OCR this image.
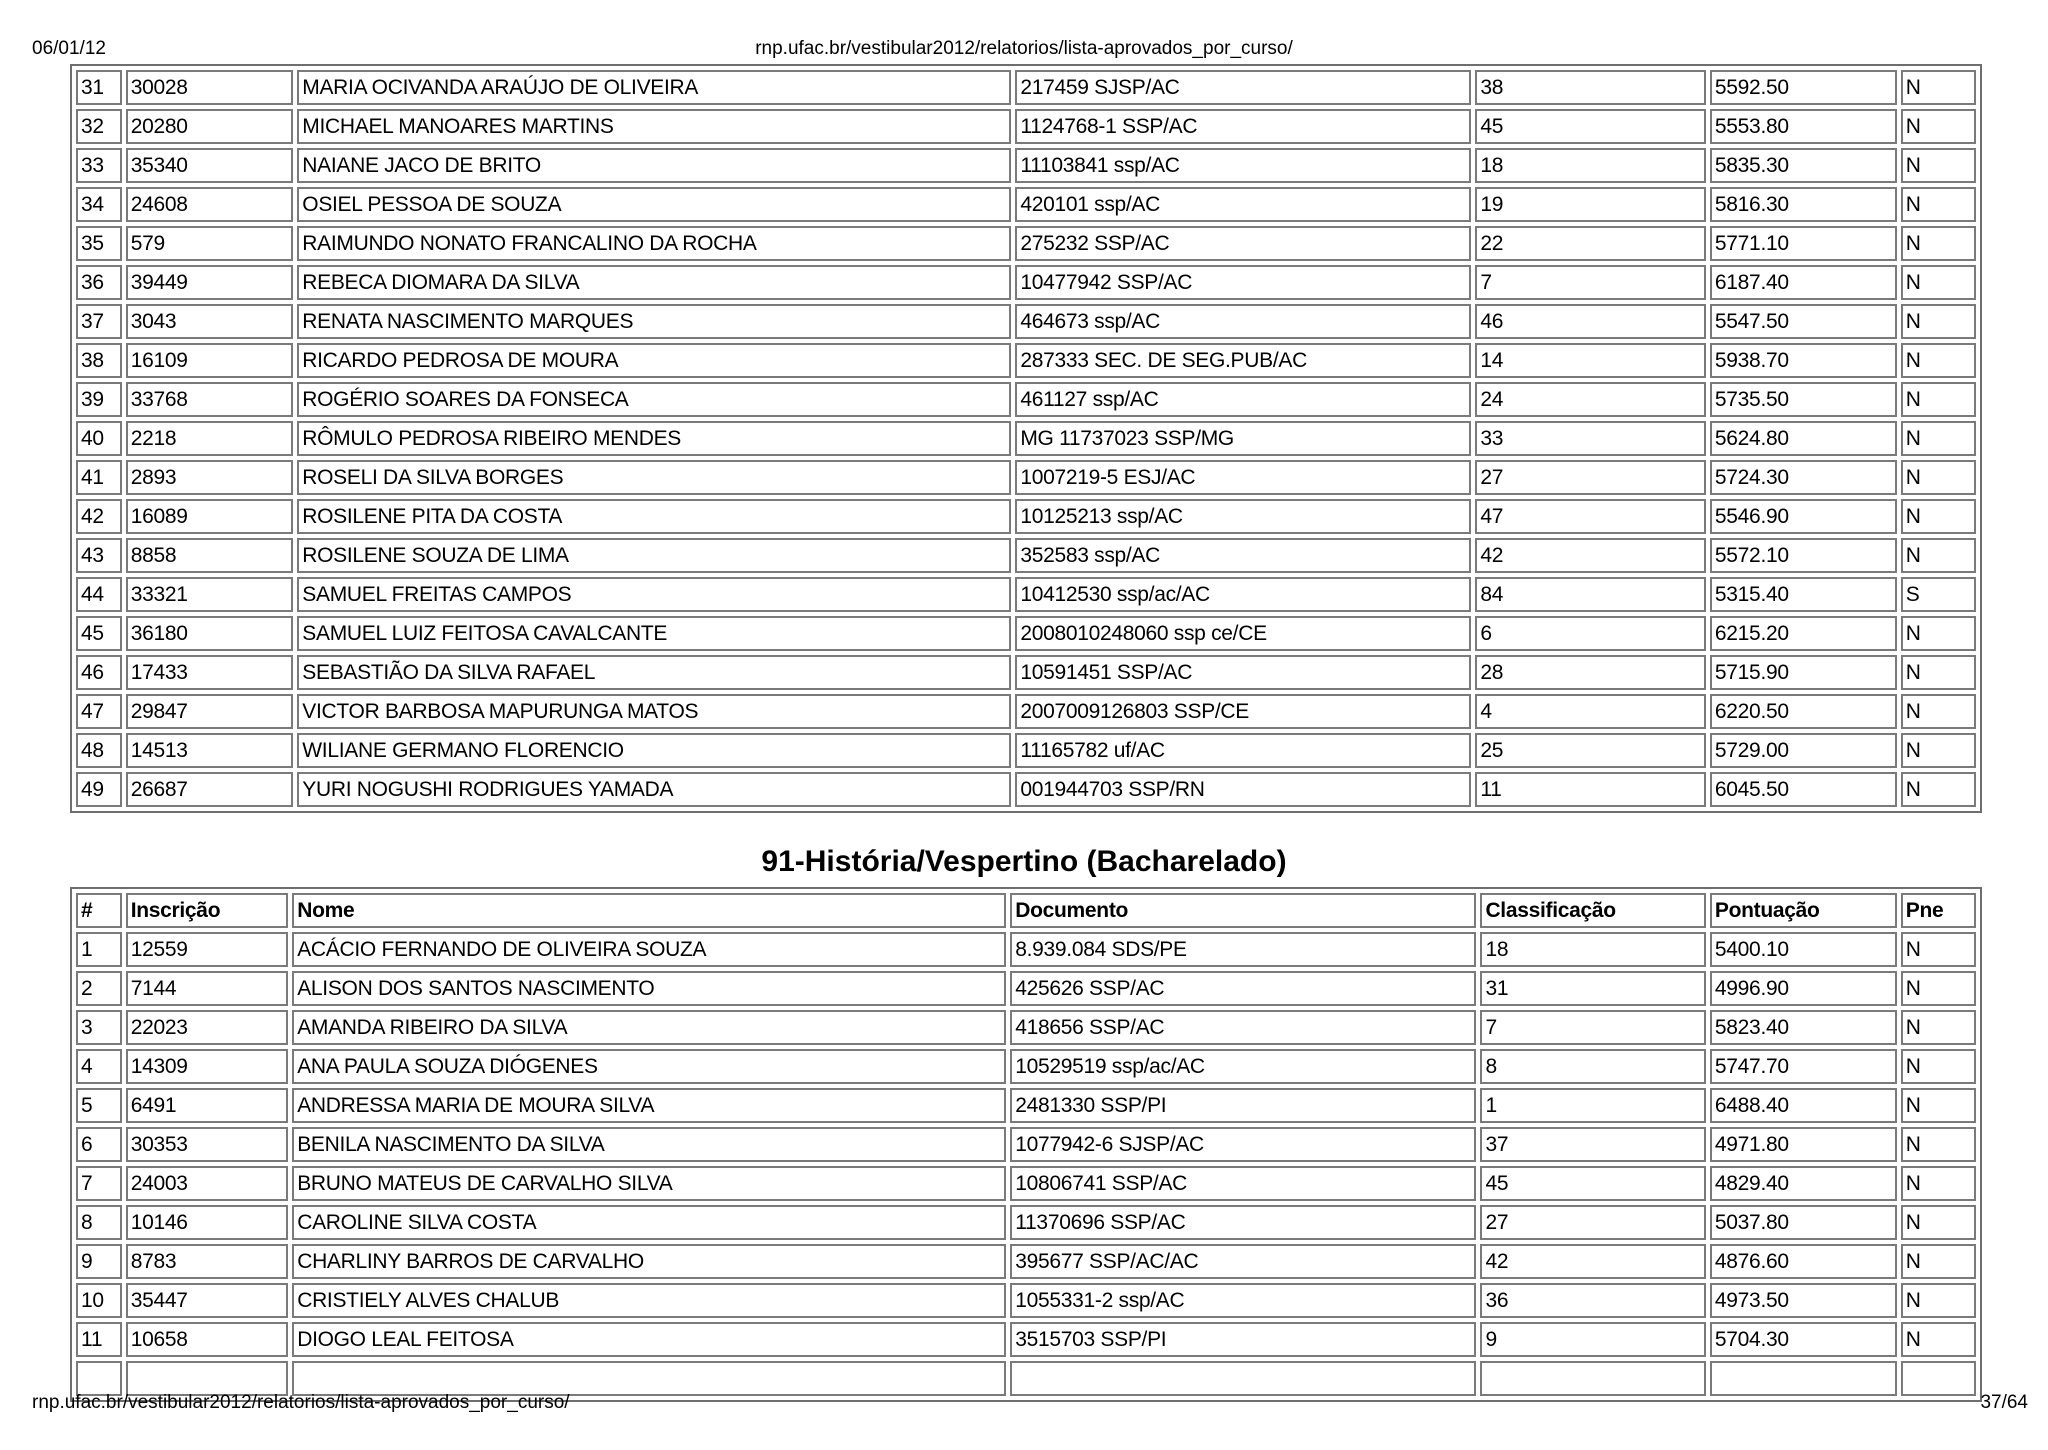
06/01/12	rnp.ufac.br/vestibular2012/relatorios/lista-aprovados_por_curso/
31	30028	MARIA OCIVANDA ARAÚJO DE OLIVEIRA	217459 SJSP/AC	38	5592.50	N
32	20280	MICHAEL MANOARES MARTINS	1124768-1 SSP/AC	45	5553.80	N
33	35340	NAIANE JACO DE BRITO	11103841 ssp/AC	18	5835.30	N
34	24608	OSIEL PESSOA DE SOUZA	420101 ssp/AC	19	5816.30	N
35	579	RAIMUNDO NONATO FRANCALINO DA ROCHA	275232 SSP/AC	22	5771.10	N
36	39449	REBECA DIOMARA DA SILVA	10477942 SSP/AC	7	6187.40	N
37	3043	RENATA NASCIMENTO MARQUES	464673 ssp/AC	46	5547.50	N
38	16109	RICARDO PEDROSA DE MOURA	287333 SEC. DE SEG.PUB/AC	14	5938.70	N
39	33768	ROGÉRIO SOARES DA FONSECA	461127 ssp/AC	24	5735.50	N
40	2218	RÔMULO PEDROSA RIBEIRO MENDES	MG 11737023 SSP/MG	33	5624.80	N
41	2893	ROSELI DA SILVA BORGES	1007219-5 ESJ/AC	27	5724.30	N
42	16089	ROSILENE PITA DA COSTA	10125213 ssp/AC	47	5546.90	N
43	8858	ROSILENE SOUZA DE LIMA	352583 ssp/AC	42	5572.10	N
44	33321	SAMUEL FREITAS CAMPOS	10412530 ssp/ac/AC	84	5315.40	S
45	36180	SAMUEL LUIZ FEITOSA CAVALCANTE	2008010248060 ssp ce/CE	6	6215.20	N
46	17433	SEBASTIÃO DA SILVA RAFAEL	10591451 SSP/AC	28	5715.90	N
47	29847	VICTOR BARBOSA MAPURUNGA MATOS	2007009126803 SSP/CE	4	6220.50	N
48	14513	WILIANE GERMANO FLORENCIO	11165782 uf/AC	25	5729.00	N
49	26687	YURI NOGUSHI RODRIGUES YAMADA	001944703 SSP/RN	11	6045.50	N
91-História/Vespertino (Bacharelado)
#	Inscrição	Nome	Documento	Classificação	Pontuação	Pne
1	12559	ACÁCIO FERNANDO DE OLIVEIRA SOUZA	8.939.084 SDS/PE	18	5400.10	N
2	7144	ALISON DOS SANTOS NASCIMENTO	425626 SSP/AC	31	4996.90	N
3	22023	AMANDA RIBEIRO DA SILVA	418656 SSP/AC	7	5823.40	N
4	14309	ANA PAULA SOUZA DIÓGENES	10529519 ssp/ac/AC	8	5747.70	N
5	6491	ANDRESSA MARIA DE MOURA SILVA	2481330 SSP/PI	1	6488.40	N
6	30353	BENILA NASCIMENTO DA SILVA	1077942-6 SJSP/AC	37	4971.80	N
7	24003	BRUNO MATEUS DE CARVALHO SILVA	10806741 SSP/AC	45	4829.40	N
8	10146	CAROLINE SILVA COSTA	11370696 SSP/AC	27	5037.80	N
9	8783	CHARLINY BARROS DE CARVALHO	395677 SSP/AC/AC	42	4876.60	N
10	35447	CRISTIELY ALVES CHALUB	1055331-2 ssp/AC	36	4973.50	N
11	10658	DIOGO LEAL FEITOSA	3515703 SSP/PI	9	5704.30	N

rnp.ufac.br/vestibular2012/relatorios/lista-aprovados_por_curso/	37/64
